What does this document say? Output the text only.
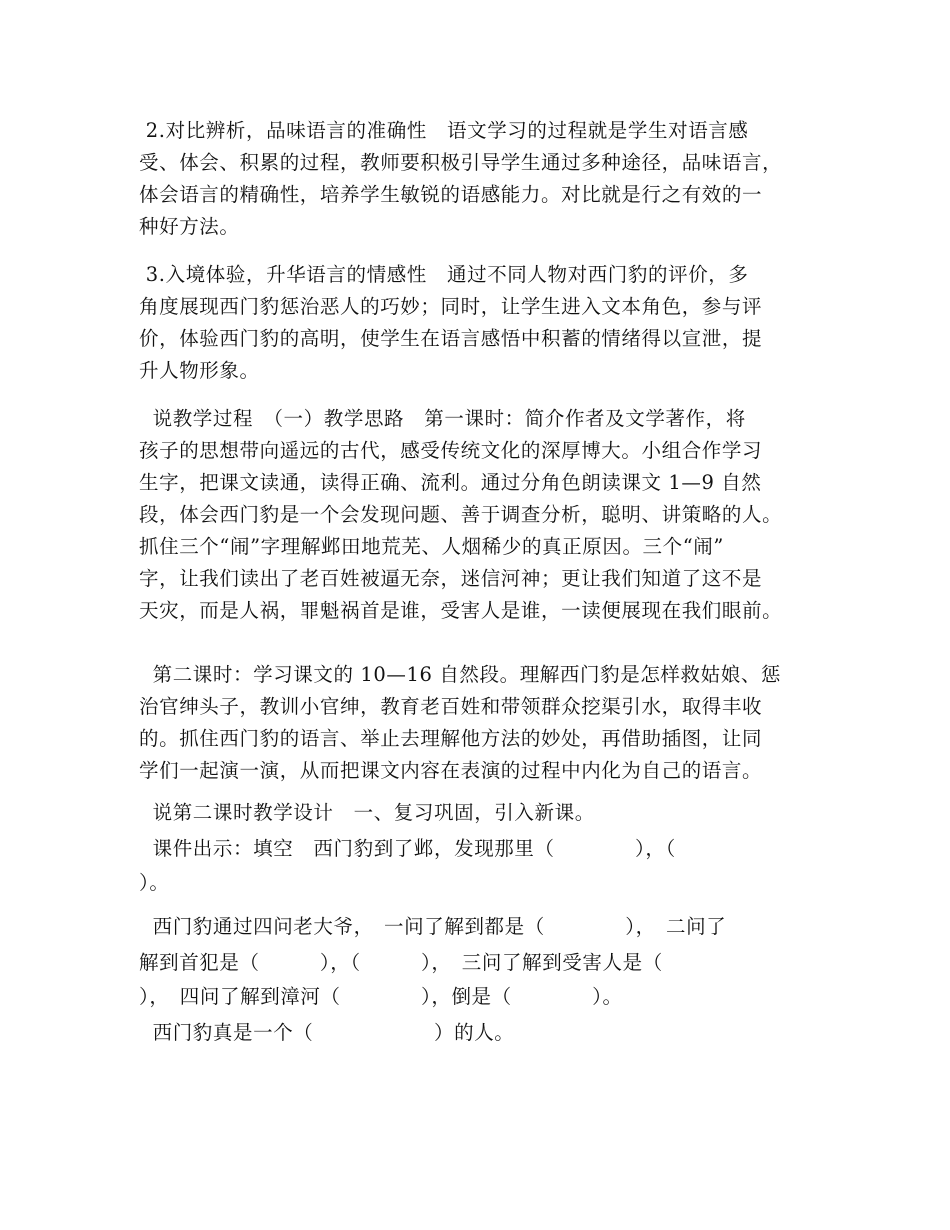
2.对比辨析，品味语言的准确性　语文学习的过程就是学生对语言感
受、体会、积累的过程，教师要积极引导学生通过多种途径，品味语言，
体会语言的精确性，培养学生敏锐的语感能力。对比就是行之有效的一
种好方法。
3.入境体验，升华语言的情感性　通过不同人物对西门豹的评价，多
角度展现西门豹惩治恶人的巧妙；同时，让学生进入文本角色，参与评
价，体验西门豹的高明，使学生在语言感悟中积蓄的情绪得以宣泄，提
升人物形象。
说教学过程　（一）教学思路　第一课时：简介作者及文学著作，将
孩子的思想带向遥远的古代，感受传统文化的深厚博大。小组合作学习
生字，把课文读通，读得正确、流利。通过分角色朗读课文 1—9 自然
段，体会西门豹是一个会发现问题、善于调查分析，聪明、讲策略的人。
抓住三个“闹”字理解邺田地荒芜、人烟稀少的真正原因。三个“闹”
字，让我们读出了老百姓被逼无奈，迷信河神；更让我们知道了这不是
天灾，而是人祸，罪魁祸首是谁，受害人是谁，一读便展现在我们眼前。
第二课时：学习课文的 10—16 自然段。理解西门豹是怎样救姑娘、惩
治官绅头子，教训小官绅，教育老百姓和带领群众挖渠引水，取得丰收
的。抓住西门豹的语言、举止去理解他方法的妙处，再借助插图，让同
学们一起演一演，从而把课文内容在表演的过程中内化为自己的语言。
说第二课时教学设计　一、复习巩固，引入新课。
课件出示：填空　西门豹到了邺，发现那里（　　　　），（
）。
西门豹通过四问老大爷，　一问了解到都是（　　　　），　二问了
解到首犯是（　　　），（　　　），　三问了解到受害人是（
），　四问了解到漳河（　　　　），倒是（　　　　）。
西门豹真是一个（　　　　　　）的人。
